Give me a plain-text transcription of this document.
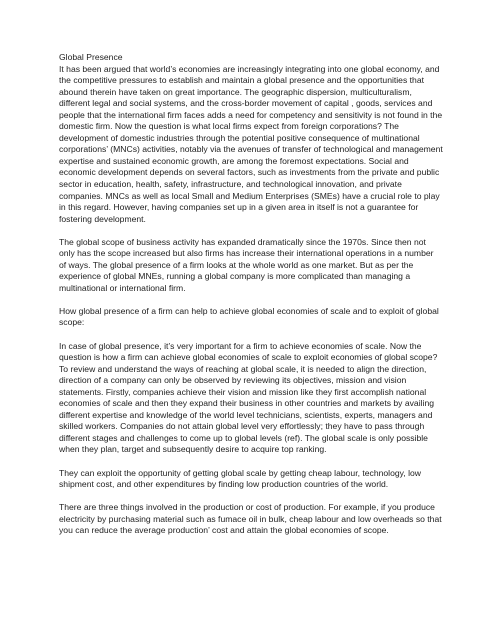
Global Presence

It has been argued that world’s economies are increasingly integrating into one global economy, and the competitive pressures to establish and maintain a global presence and the opportunities that abound therein have taken on great importance. The geographic dispersion, multiculturalism, different legal and social systems, and the cross-border movement of capital , goods, services and people that the international firm faces adds a need for competency and sensitivity is not found in the domestic firm. Now the question is what local firms expect from foreign corporations? The development of domestic industries through the potential positive consequence of multinational corporations’ (MNCs) activities, notably via the avenues of transfer of technological and management expertise and sustained economic growth, are among the foremost expectations. Social and economic development depends on several factors, such as investments from the private and public sector in education, health, safety, infrastructure, and technological innovation, and private companies. MNCs as well as local Small and Medium Enterprises (SMEs) have a crucial role to play in this regard. However, having companies set up in a given area in itself is not a guarantee for fostering development.

The global scope of business activity has expanded dramatically since the 1970s. Since then not only has the scope increased but also firms has increase their international operations in a number of ways. The global presence of a firm looks at the whole world as one market. But as per the experience of global MNEs, running a global company is more complicated than managing a multinational or international firm.

How global presence of a firm can help to achieve global economies of scale and to exploit of global scope:

In case of global presence, it’s very important for a firm to achieve economies of scale. Now the question is how a firm can achieve global economies of scale to exploit economies of global scope? To review and understand the ways of reaching at global scale, it is needed to align the direction, direction of a company can only be observed by reviewing its objectives, mission and vision statements. Firstly, companies achieve their vision and mission like they first accomplish national economies of scale and then they expand their business in other countries and markets by availing different expertise and knowledge of the world level technicians, scientists, experts, managers and skilled workers. Companies do not attain global level very effortlessly; they have to pass through different stages and challenges to come up to global levels (ref). The global scale is only possible when they plan, target and subsequently desire to acquire top ranking.

They can exploit the opportunity of getting global scale by getting cheap labour, technology, low shipment cost, and other expenditures by finding low production countries of the world.

There are three things involved in the production or cost of production. For example, if you produce electricity by purchasing material such as fumace oil in bulk, cheap labour and low overheads so that you can reduce the average production’ cost and attain the global economies of scope.
